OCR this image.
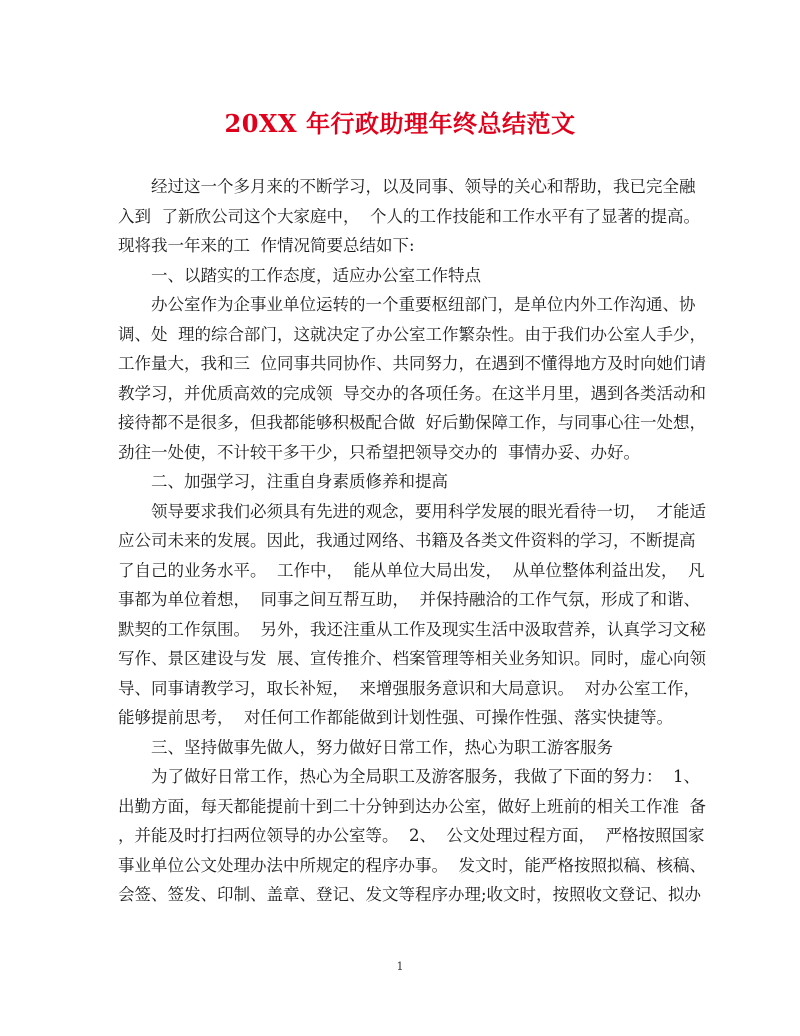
20XX 年行政助理年终总结范文
经过这一个多月来的不断学习，以及同事、领导的关心和帮助，我已完全融
入到  了新欣公司这个大家庭中，  个人的工作技能和工作水平有了显著的提高。
现将我一年来的工  作情况简要总结如下:
一、以踏实的工作态度，适应办公室工作特点
办公室作为企事业单位运转的一个重要枢纽部门，是单位内外工作沟通、协
调、处  理的综合部门，这就决定了办公室工作繁杂性。由于我们办公室人手少，
工作量大，我和三  位同事共同协作、共同努力，在遇到不懂得地方及时向她们请
教学习，并优质高效的完成领  导交办的各项任务。在这半月里，遇到各类活动和
接待都不是很多，但我都能够积极配合做  好后勤保障工作，与同事心往一处想，
劲往一处使，不计较干多干少，只希望把领导交办的  事情办妥、办好。
二、加强学习，注重自身素质修养和提高
领导要求我们必须具有先进的观念，要用科学发展的眼光看待一切，  才能适
应公司未来的发展。因此，我通过网络、书籍及各类文件资料的学习，不断提高
了自己的业务水平。  工作中，  能从单位大局出发，  从单位整体利益出发，  凡
事都为单位着想，  同事之间互帮互助，  并保持融洽的工作气氛，形成了和谐、
默契的工作氛围。  另外，我还注重从工作及现实生活中汲取营养，认真学习文秘
写作、景区建设与发  展、宣传推介、档案管理等相关业务知识。同时，虚心向领
导、同事请教学习，取长补短，  来增强服务意识和大局意识。  对办公室工作，
能够提前思考，  对任何工作都能做到计划性强、可操作性强、落实快捷等。
三、坚持做事先做人，努力做好日常工作，热心为职工游客服务
为了做好日常工作，热心为全局职工及游客服务，我做了下面的努力：  1、
出勤方面，每天都能提前十到二十分钟到达办公室，做好上班前的相关工作准  备
，并能及时打扫两位领导的办公室等。  2、  公文处理过程方面，  严格按照国家
事业单位公文处理办法中所规定的程序办事。  发文时，能严格按照拟稿、核稿、
会签、签发、印制、盖章、登记、发文等程序办理;收文时，按照收文登记、拟办
1
